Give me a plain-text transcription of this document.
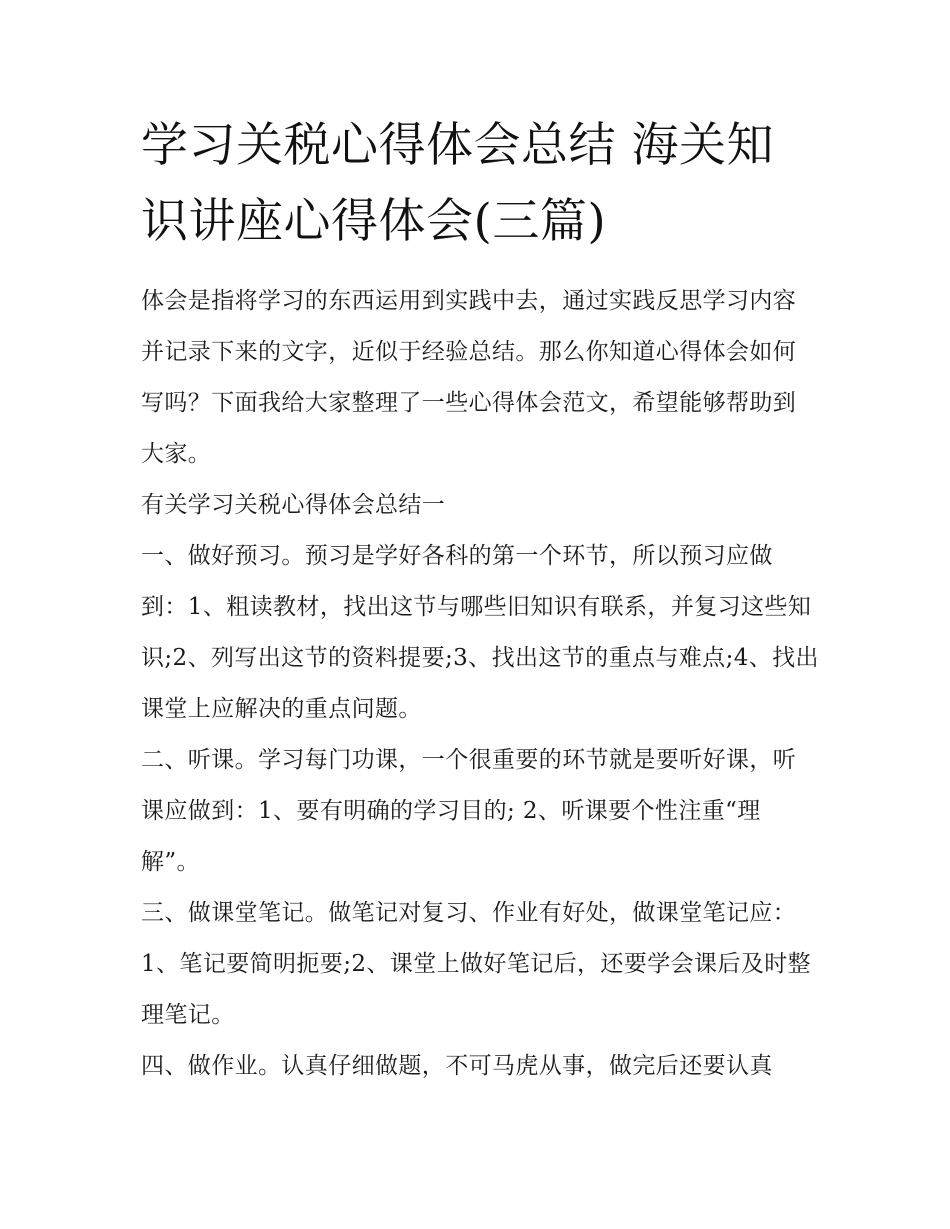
学习关税心得体会总结 海关知识讲座心得体会(三篇)

体会是指将学习的东西运用到实践中去，通过实践反思学习内容并记录下来的文字，近似于经验总结。那么你知道心得体会如何写吗？下面我给大家整理了一些心得体会范文，希望能够帮助到大家。

有关学习关税心得体会总结一

一、做好预习。预习是学好各科的第一个环节，所以预习应做到：1、粗读教材，找出这节与哪些旧知识有联系，并复习这些知识;2、列写出这节的资料提要;3、找出这节的重点与难点;4、找出课堂上应解决的重点问题。

二、听课。学习每门功课，一个很重要的环节就是要听好课，听课应做到：1、要有明确的学习目的; 2、听课要个性注重“理解”。

三、做课堂笔记。做笔记对复习、作业有好处，做课堂笔记应：1、笔记要简明扼要;2、课堂上做好笔记后，还要学会课后及时整理笔记。

四、做作业。认真仔细做题，不可马虎从事，做完后还要认真
